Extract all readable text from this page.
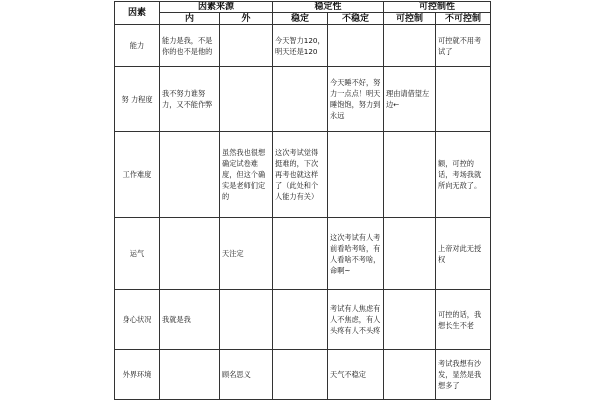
因素	因素来源		稳定性		可控制性	
	内	外	稳定	不稳定	可控制	不可控制
能力	能力是我，不是你的也不是他的		今天智力120，明天还是120			可控就不用考试了
努 力程度	我不努力谁努力，又不能作弊			今天睡不好，努力一点点！明天睡饱饱，努力到永远	理由请借望左边←	
工作难度		虽然我也很想确定试卷难度，但这个确实是老师们定的	这次考试觉得挺难的，下次再考也就这样了（此处和个人能力有关）			额，可控的话，考场我就所向无敌了。
运气		天注定		这次考试有人考前看哈考啥，有人看啥不考啥，命啊~		上帝对此无授权
身心状况	我就是我			考试有人焦虑有人不焦虑，有人头疼有人不头疼		可控的话，我想长生不老
外界环境		顾名思义		天气不稳定		考试我想有沙发，显然是我想多了
